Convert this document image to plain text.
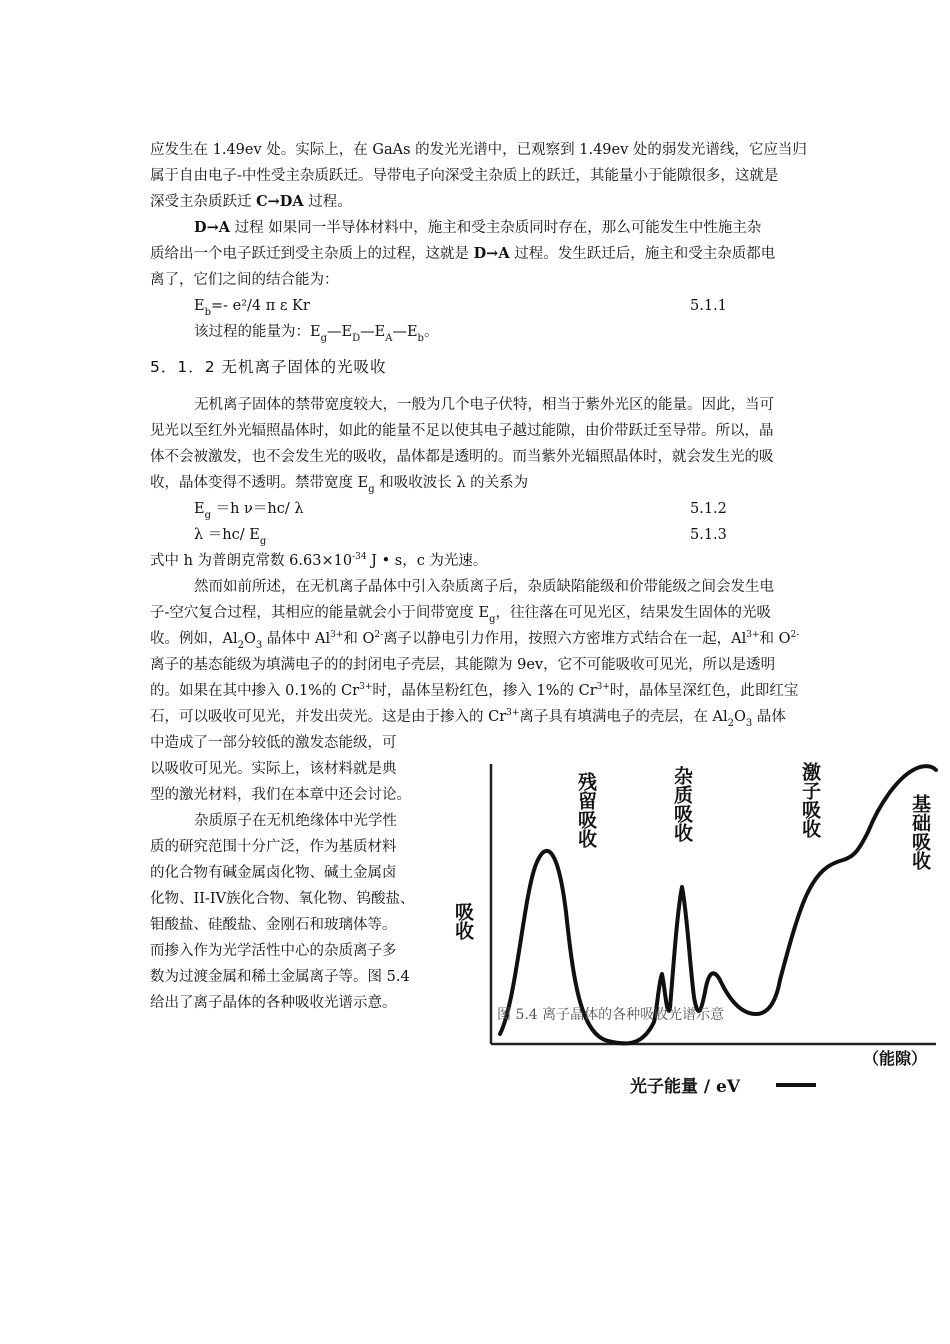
应发生在 1.49ev 处。实际上，在 GaAs 的发光光谱中，已观察到 1.49ev 处的弱发光谱线，它应当归
属于自由电子-中性受主杂质跃迁。导带电子向深受主杂质上的跃迁，其能量小于能隙很多，这就是
深受主杂质跃迁 C→DA 过程。
D→A 过程 如果同一半导体材料中，施主和受主杂质同时存在，那么可能发生中性施主杂
质给出一个电子跃迁到受主杂质上的过程，这就是 D→A 过程。发生跃迁后，施主和受主杂质都电
离了，它们之间的结合能为：
$E_b=‐$ e²/4 π ε Kr	5.1.1
该过程的能量为：$E_g—E_D—E_A—E_b$。
5．1．2 无机离子固体的光吸收
无机离子固体的禁带宽度较大，一般为几个电子伏特，相当于紫外光区的能量。因此，当可
见光以至红外光辐照晶体时，如此的能量不足以使其电子越过能隙，由价带跃迁至导带。所以，晶
体不会被激发，也不会发生光的吸收，晶体都是透明的。而当紫外光辐照晶体时，就会发生光的吸
收，晶体变得不透明。禁带宽度 $E_g$ 和吸收波长 λ 的关系为
$E_g =h$ ν＝hc/ λ	5.1.2
λ ＝hc/ $E_g$	5.1.3
式中 h 为普朗克常数 $6.63\times 10^{-34}$ J • s，c 为光速。
然而如前所述，在无机离子晶体中引入杂质离子后，杂质缺陷能级和价带能级之间会发生电
子‐空穴复合过程，其相应的能量就会小于间带宽度 $E_g$，往往落在可见光区，结果发生固体的光吸
收。例如，$Al_2O_3$ 晶体中 $Al^{3+}$和 $O^{2-}$离子以静电引力作用，按照六方密堆方式结合在一起，$Al^{3+}$和 $O^{2-}$
离子的基态能级为填满电子的的封闭电子壳层，其能隙为 9ev，它不可能吸收可见光，所以是透明
的。如果在其中掺入 0.1%的 $Cr^{3+}$时，晶体呈粉红色，掺入 1%的 $Cr^{3+}$时，晶体呈深红色，此即红宝
石，可以吸收可见光，并发出荧光。这是由于掺入的 $Cr^{3+}$离子具有填满电子的壳层，在 $Al_2O_3$ 晶体
中造成了一部分较低的激发态能级，可
以吸收可见光。实际上，该材料就是典
型的激光材料，我们在本章中还会讨论。
杂质原子在无机绝缘体中光学性
质的研究范围十分广泛，作为基质材料
的化合物有碱金属卤化物、碱土金属卤
化物、II-IV族化合物、氧化物、钨酸盐、
钼酸盐、硅酸盐、金刚石和玻璃体等。
而掺入作为光学活性中心的杂质离子多
数为过渡金属和稀土金属离子等。图 5.4
给出了离子晶体的各种吸收光谱示意。
吸收
残留吸收	杂质吸收	激子吸收	基础吸收
（能隙）
光子能量 / eV
图 5.4 离子晶体的各种吸收光谱示意
